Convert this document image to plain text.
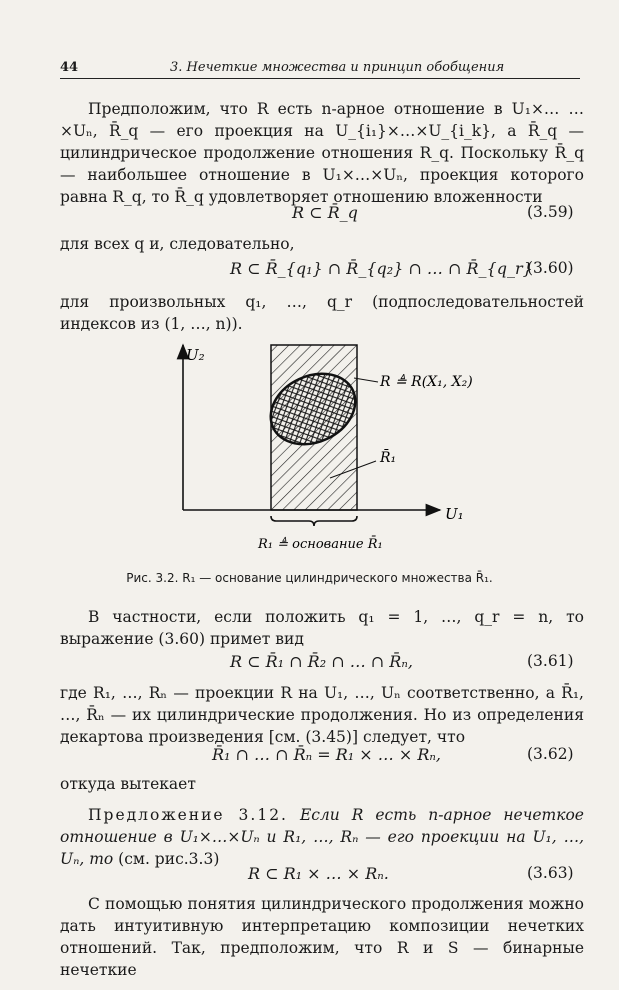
44	3. Нечеткие множества и принцип обобщения

Предположим, что R есть n-арное отношение в U₁×… …×Uₙ, R̄_q — его проекция на U_{i₁}×…×U_{i_k}, а R̄_q — цилиндрическое продолжение отношения R_q. Поскольку R̄_q — наибольшее отношение в U₁×…×Uₙ, проекция которого равна R_q, то R̄_q удовлетворяет отношению вложенности

R ⊂ R̄_q	(3.59)

для всех q и, следовательно,

R ⊂ R̄_{q₁} ∩ R̄_{q₂} ∩ … ∩ R̄_{q_r}
(3.60)

для произвольных q₁, …, q_r (подпоследовательностей индексов из (1, …, n)).

U₂
U₁
R ≜ R(X₁, X₂)
R̄₁
R₁ ≜ основание R̄₁
Рис. 3.2. R₁ — основание цилиндрического множества R̄₁.

В частности, если положить q₁ = 1, …, q_r = n, то выражение (3.60) примет вид

R ⊂ R̄₁ ∩ R̄₂ ∩ … ∩ R̄ₙ,	(3.61)

где R₁, …, Rₙ — проекции R на U₁, …, Uₙ соответственно, а R̄₁, …, R̄ₙ — их цилиндрические продолжения. Но из определения декартова произведения [см. (3.45)] следует, что

R̄₁ ∩ … ∩ R̄ₙ = R₁ × … × Rₙ,	(3.62)

откуда вытекает

Предложение 3.12. Если R есть n-арное нечеткое отношение в U₁×…×Uₙ и R₁, …, Rₙ — его проекции на U₁, …, Uₙ, то (см. рис.3.3)

R ⊂ R₁ × … × Rₙ.	(3.63)

С помощью понятия цилиндрического продолжения можно дать интуитивную интерпретацию композиции нечетких отношений. Так, предположим, что R и S — бинарные нечеткие
